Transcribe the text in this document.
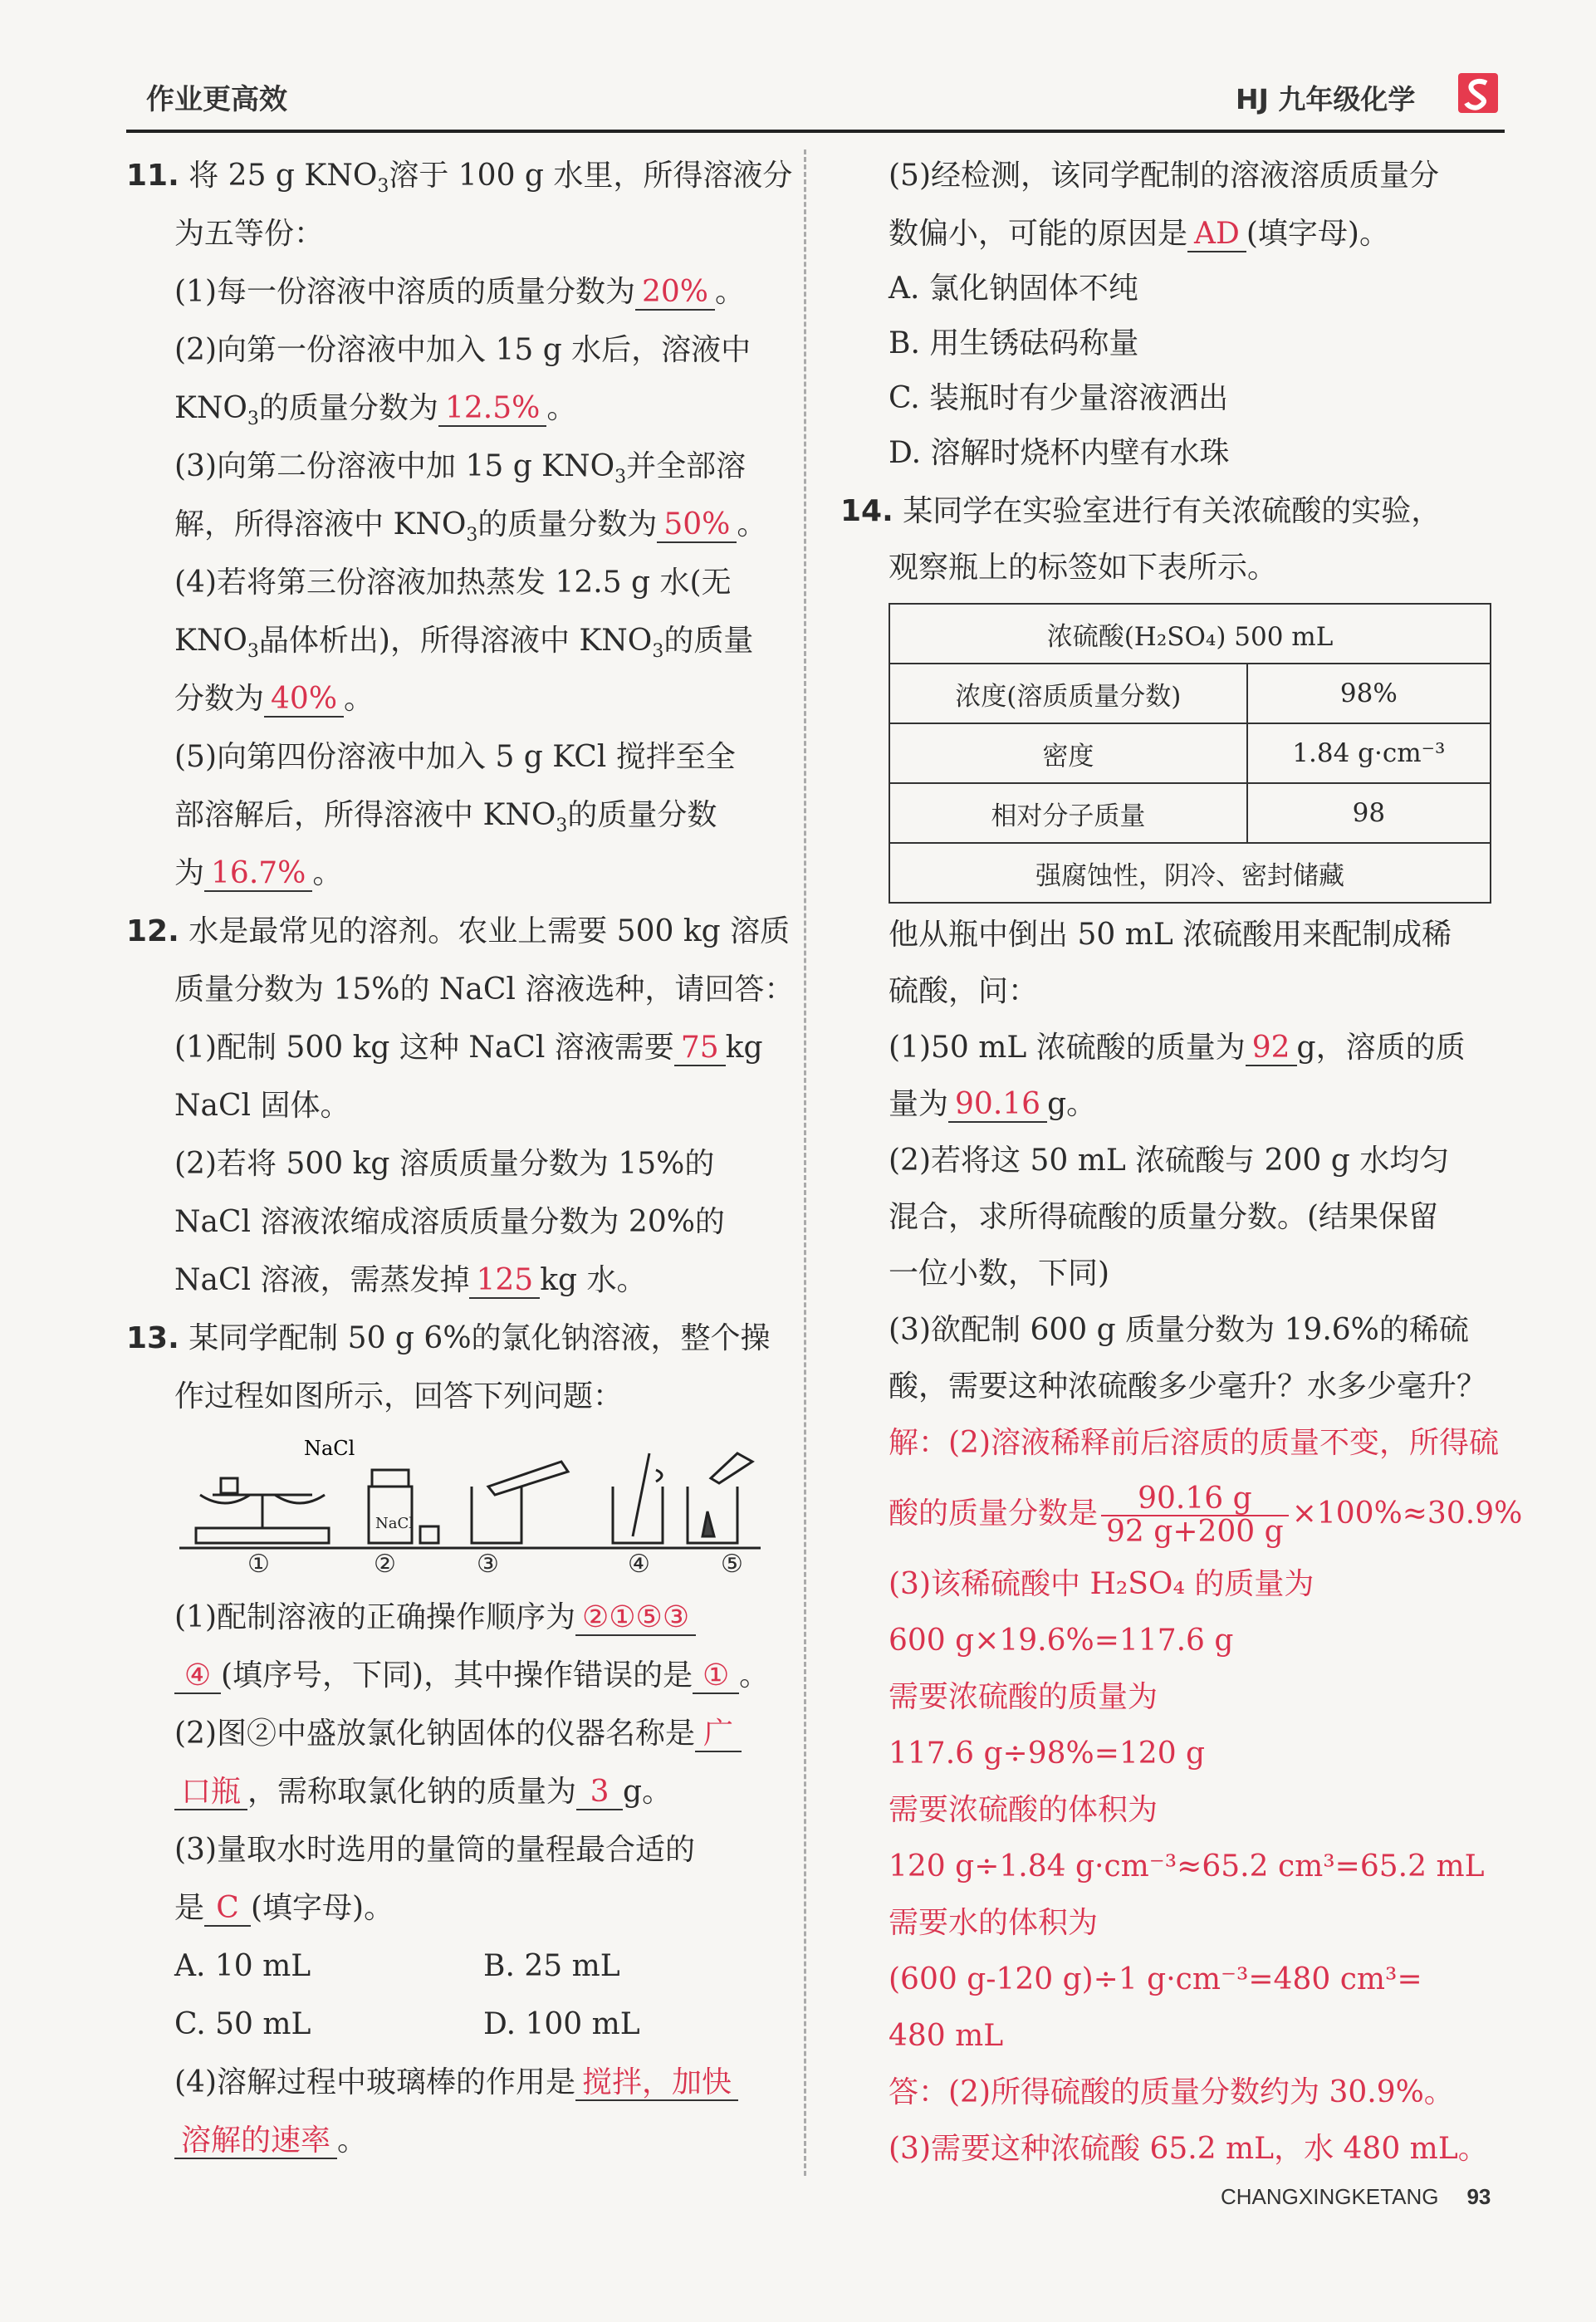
作业更高效	HJ 九年级化学
11. 将 25 g $KNO_3$溶于 100 g 水里，所得溶液分
为五等份：
(1)每一份溶液中溶质的质量分数为 20% 。
(2)向第一份溶液中加入 15 g 水后，溶液中
$KNO_3$的质量分数为 12.5% 。
(3)向第二份溶液中加 15 g $KNO_3$并全部溶
解，所得溶液中 $KNO_3$的质量分数为 50% 。
(4)若将第三份溶液加热蒸发 12.5 g 水(无
$KNO_3$晶体析出)，所得溶液中 $KNO_3$的质量
分数为 40% 。
(5)向第四份溶液中加入 5 g KCl 搅拌至全
部溶解后，所得溶液中 $KNO_3$的质量分数
为 16.7% 。
12. 水是最常见的溶剂。农业上需要 500 kg 溶质
质量分数为 15%的 NaCl 溶液选种，请回答：
(1)配制 500 kg 这种 NaCl 溶液需要 75 kg
NaCl 固体。
(2)若将 500 kg 溶质质量分数为 15%的
NaCl 溶液浓缩成溶质质量分数为 20%的
NaCl 溶液，需蒸发掉 125 kg 水。
13. 某同学配制 50 g 6%的氯化钠溶液，整个操
作过程如图所示，回答下列问题：
NaCl
NaCl
①	②	③	④	⑤
(1)配制溶液的正确操作顺序为 ②①⑤③
④ (填序号，下同)，其中操作错误的是 ① 。
(2)图②中盛放氯化钠固体的仪器名称是 广
口瓶 ，需称取氯化钠的质量为 3 g。
(3)量取水时选用的量筒的量程最合适的
是 C (填字母)。
A. 10 mL	B. 25 mL
C. 50 mL	D. 100 mL
(4)溶解过程中玻璃棒的作用是 搅拌，加快
溶解的速率 。
(5)经检测，该同学配制的溶液溶质质量分
数偏小，可能的原因是 AD (填字母)。
A. 氯化钠固体不纯
B. 用生锈砝码称量
C. 装瓶时有少量溶液洒出
D. 溶解时烧杯内壁有水珠
14. 某同学在实验室进行有关浓硫酸的实验，
观察瓶上的标签如下表所示。
浓硫酸(H₂SO₄) 500 mL	
浓度(溶质质量分数)	98%
密度	1.84 g·cm⁻³
相对分子质量	98
强腐蚀性，阴冷、密封储藏	
他从瓶中倒出 50 mL 浓硫酸用来配制成稀
硫酸，问：
(1)50 mL 浓硫酸的质量为 92 g，溶质的质
量为 90.16 g。
(2)若将这 50 mL 浓硫酸与 200 g 水均匀
混合，求所得硫酸的质量分数。(结果保留
一位小数，下同)
(3)欲配制 600 g 质量分数为 19.6%的稀硫
酸，需要这种浓硫酸多少毫升？水多少毫升？
解：(2)溶液稀释前后溶质的质量不变，所得硫
酸的质量分数是 $\frac{90.16 g}{92 g+200 g} \times 100\%\approx 30.9\%$
(3)该稀硫酸中 H₂SO₄ 的质量为
600 g×19.6%=117.6 g
需要浓硫酸的质量为
117.6 g÷98%=120 g
需要浓硫酸的体积为
120 g÷1.84 g·cm⁻³≈65.2 cm³=65.2 mL
需要水的体积为
(600 g-120 g)÷1 g·cm⁻³=480 cm³=
480 mL
答：(2)所得硫酸的质量分数约为 30.9%。
(3)需要这种浓硫酸 65.2 mL，水 480 mL。
CHANGXINGKETANG 93
